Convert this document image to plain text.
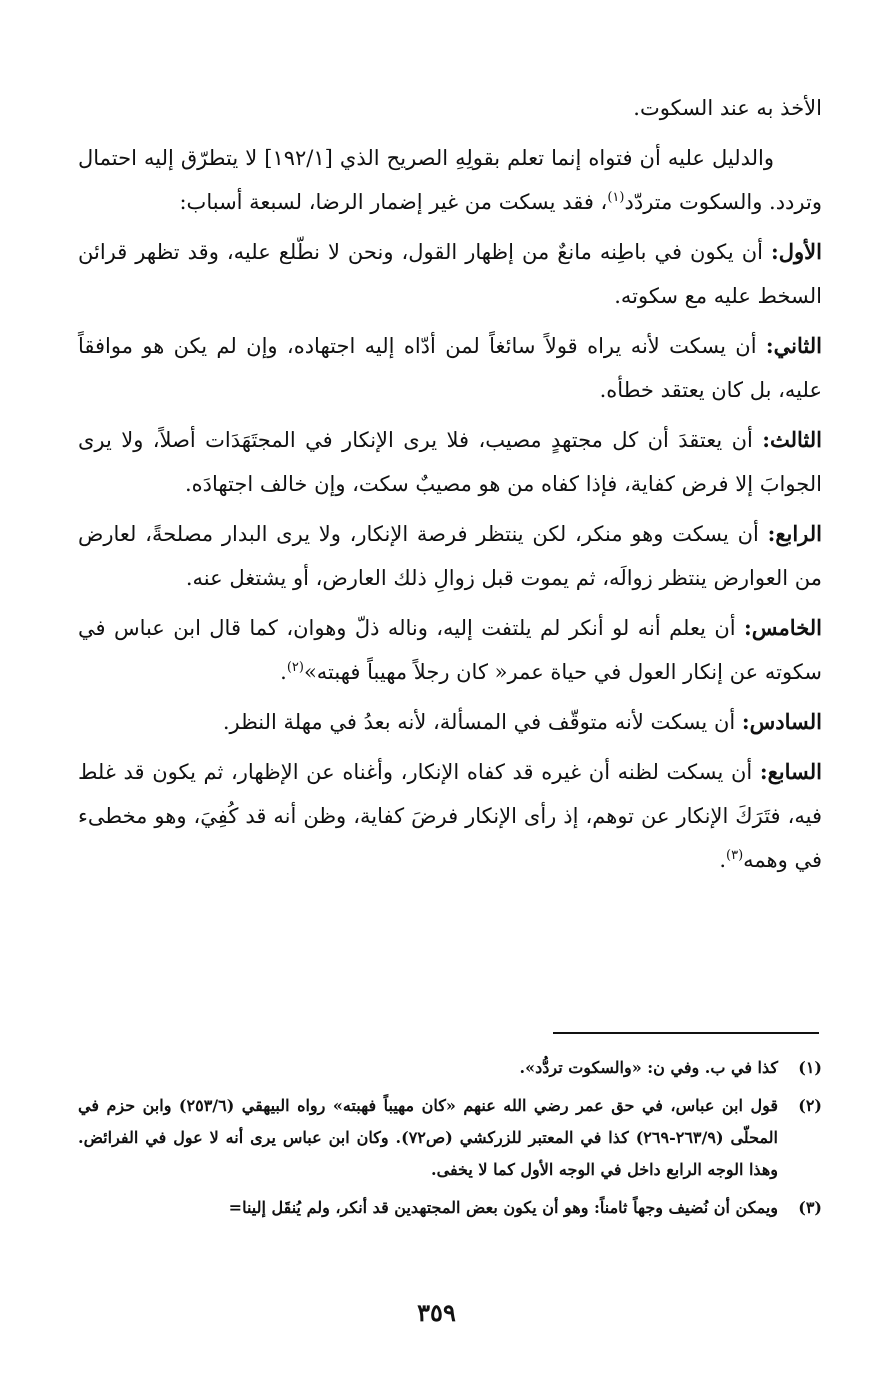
الأخذ به عند السكوت.

والدليل عليه أن فتواه إنما تعلم بقولِهِ الصريح الذي [١٩٢/١] لا يتطرّق إليه احتمال وتردد. والسكوت متردّد$^{(١)}$، فقد يسكت من غير إضمار الرضا، لسبعة أسباب:

الأول: أن يكون في باطِنه مانعٌ من إظهار القول، ونحن لا نطّلع عليه، وقد تظهر قرائن السخط عليه مع سكوته.

الثاني: أن يسكت لأنه يراه قولاً سائغاً لمن أدّاه إليه اجتهاده، وإن لم يكن هو موافقاً عليه، بل كان يعتقد خطأه.

الثالث: أن يعتقدَ أن كل مجتهدٍ مصيب، فلا يرى الإنكار في المجتَهَدَات أصلاً، ولا يرى الجوابَ إلا فرض كفاية، فإذا كفاه من هو مصيبٌ سكت، وإن خالف اجتهادَه.

الرابع: أن يسكت وهو منكر، لكن ينتظر فرصة الإنكار، ولا يرى البدار مصلحةً، لعارض من العوارض ينتظر زوالَه، ثم يموت قبل زوالِ ذلك العارض، أو يشتغل عنه.

الخامس: أن يعلم أنه لو أنكر لم يلتفت إليه، وناله ذلّ وهوان، كما قال ابن عباس في سكوته عن إنكار العول في حياة عمر« كان رجلاً مهيباً فهبته»$^{(٢)}$.

السادس: أن يسكت لأنه متوقّف في المسألة، لأنه بعدُ في مهلة النظر.

السابع: أن يسكت لظنه أن غيره قد كفاه الإنكار، وأغناه عن الإظهار، ثم يكون قد غلط فيه، فتَرَكَ الإنكار عن توهم، إذ رأى الإنكار فرضَ كفاية، وظن أنه قد كُفِيَ، وهو مخطىء في وهمه$^{(٣)}$.

(١)
كذا في ب. وفي ن: «والسكوت تردُّد».
(٢)
قول ابن عباس، في حق عمر رضي الله عنهم «كان مهيباً فهبته» رواه البيهقي (٢٥٣/٦) وابن حزم في المحلّى (٢٦٣/٩-٢٦٩) كذا في المعتبر للزركشي (ص٧٢). وكان ابن عباس يرى أنه لا عول في الفرائض. وهذا الوجه الرابع داخل في الوجه الأول كما لا يخفى.
(٣)
ويمكن أن نُضيف وجهاً ثامناً: وهو أن يكون بعض المجتهدين قد أنكر، ولم يُنقَل إلينا=
٣٥٩
